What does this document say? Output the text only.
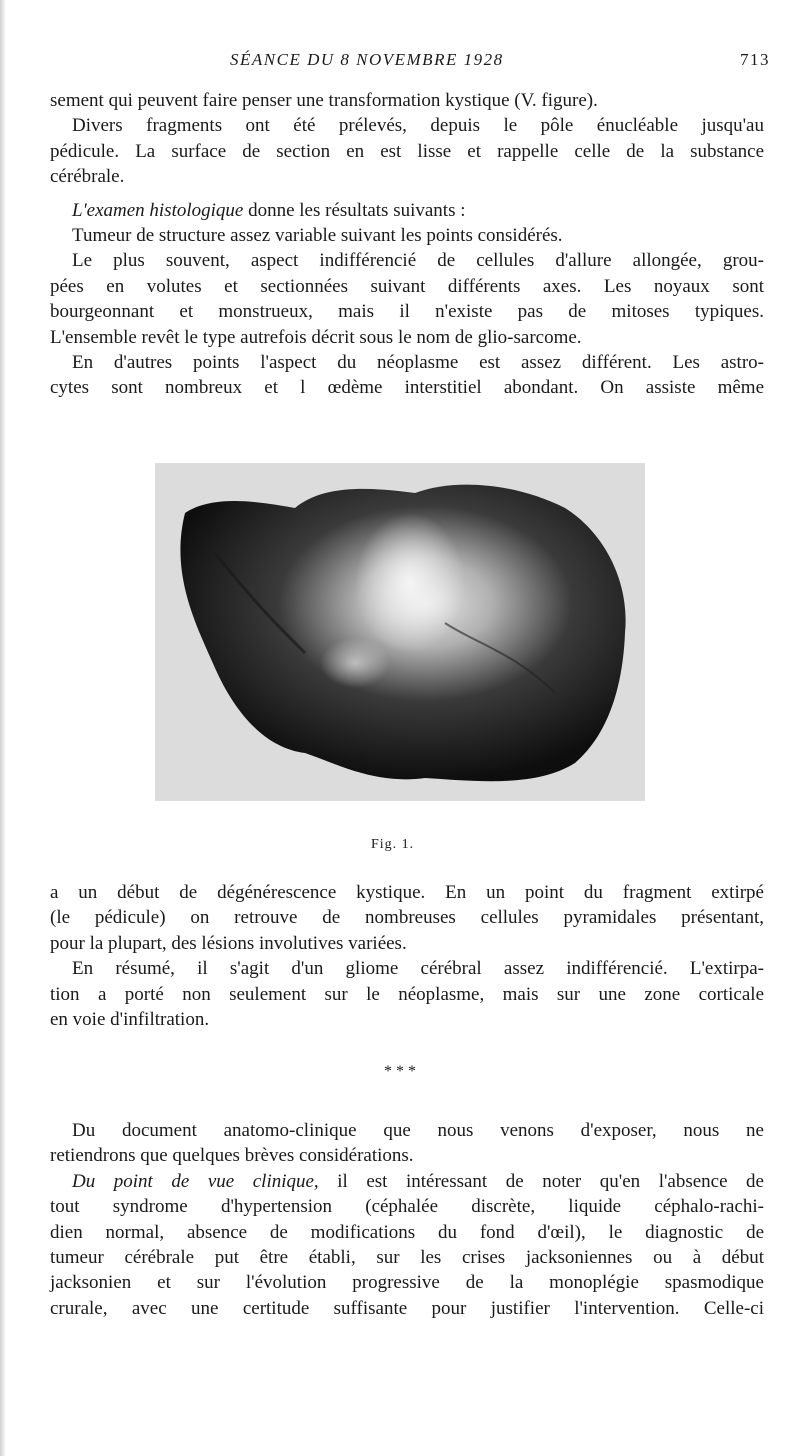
SÉANCE DU 8 NOVEMBRE 1928	713
sement qui peuvent faire penser une transformation kystique (V. figure).
Divers fragments ont été prélevés, depuis le pôle énucléable jusqu'au
pédicule. La surface de section en est lisse et rappelle celle de la substance
cérébrale.
L'examen histologique donne les résultats suivants :
Tumeur de structure assez variable suivant les points considérés.
Le plus souvent, aspect indifférencié de cellules d'allure allongée, grou-
pées en volutes et sectionnées suivant différents axes. Les noyaux sont
bourgeonnant et monstrueux, mais il n'existe pas de mitoses typiques.
L'ensemble revêt le type autrefois décrit sous le nom de glio-sarcome.
En d'autres points l'aspect du néoplasme est assez différent. Les astro-
cytes sont nombreux et l œdème interstitiel abondant. On assiste même
Fig. 1.
a un début de dégénérescence kystique. En un point du fragment extirpé
(le pédicule) on retrouve de nombreuses cellules pyramidales présentant,
pour la plupart, des lésions involutives variées.
En résumé, il s'agit d'un gliome cérébral assez indifférencié. L'extirpa-
tion a porté non seulement sur le néoplasme, mais sur une zone corticale
en voie d'infiltration.
* * *
Du document anatomo-clinique que nous venons d'exposer, nous ne
retiendrons que quelques brèves considérations.
Du point de vue clinique, il est intéressant de noter qu'en l'absence de
tout syndrome d'hypertension (céphalée discrète, liquide céphalo-rachi-
dien normal, absence de modifications du fond d'œil), le diagnostic de
tumeur cérébrale put être établi, sur les crises jacksoniennes ou à début
jacksonien et sur l'évolution progressive de la monoplégie spasmodique
crurale, avec une certitude suffisante pour justifier l'intervention. Celle-ci
